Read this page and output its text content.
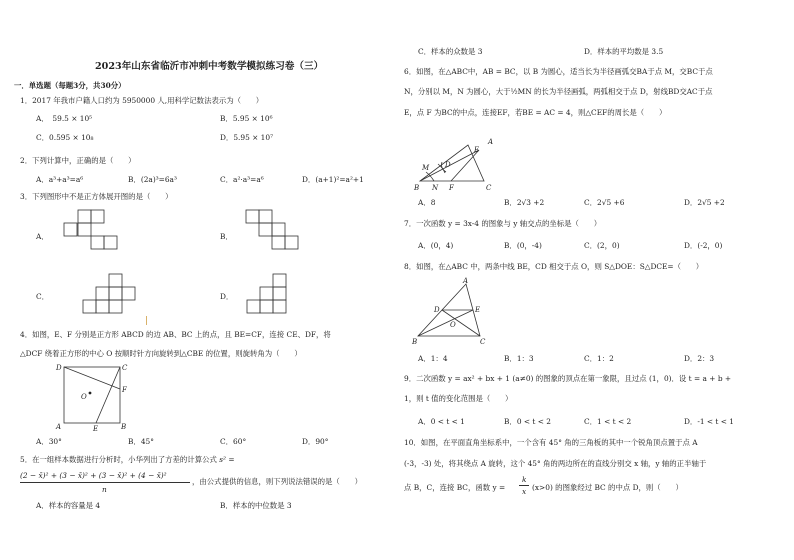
2023年山东省临沂市冲刺中考数学模拟练习卷（三）
一．单选题（每题3分，共30分）
1．2017 年我市户籍人口约为 5950000 人,用科学记数法表示为（　　）
A．　59.5 × 10⁵	B．5.95 × 10⁶
C．0.595 × 10₈	D．5.95 × 10⁷
2．下列计算中，正确的是（　　）
A．a³+a³=a⁶	B．(2a)³=6a³	C．a²·a³=a⁶	D．(a+1)²=a²+1
3．下列图形中不是正方体展开图的是（　　）
A．	B．
C．	D．
4．如图，E、F 分别是正方形 ABCD 的边 AB、BC 上的点，且 BE=CF，连接 CE、DF，将
△DCF 绕着正方形的中心 O 按顺时针方向旋转到△CBE 的位置，则旋转角为（　　）
D	C
F
O
A	E	B
A．30°	B．45°	C．60°	D．90°
5．在一组样本数据进行分析时，小华列出了方差的计算公式 s² =
(2 − x̄)² + (3 − x̄)² + (3 − x̄)² + (4 − x̄)²
n
，由公式提供的信息，则下列说法错误的是（　　）
A．样本的容量是 4	B．样本的中位数是 3
C．样本的众数是 3	D．样本的平均数是 3.5
6．如图，在△ABC中，AB = BC，以 B 为圆心，适当长为半径画弧交BA于点 M，交BC于点
N，分别以 M，N 为圆心，大于½MN 的长为半径画弧，两弧相交于点 D，射线BD交AC于点
E，点 F 为BC的中点，连接EF，若BE = AC = 4，则△CEF的周长是（　　）
M D
E
A
B N F	C
A．8	B．2√3 +2	C．2√5 +6	D．2√5 +2
7．一次函数 y = 3x-4 的图象与 y 轴交点的坐标是（　　）
A．(0，4)	B．(0，-4)	C．(2，0)	D．(-2，0)
8．如图，在△ABC 中，两条中线 BE，CD 相交于点 O，则 S△DOE：S△DCE=（　　）
A
D	E
O
B	C
A．1：4	B．1：3	C．1：2	D．2：3
9．二次函数 y = ax² + bx + 1 (a≠0) 的图象的顶点在第一象限，且过点 (1，0)．设 t = a + b +
1，则 t 值的变化范围是（　　）
A．0 < t < 1	B．0 < t < 2	C．1 < t < 2	D．-1 < t < 1
10．如图，在平面直角坐标系中，一个含有 45° 角的三角板的其中一个锐角顶点置于点 A
(-3，-3) 处，将其绕点 A 旋转，这个 45° 角的两边所在的直线分别交 x 轴，y 轴的正半轴于
点 B，C，连接 BC，函数 y =
k
x (x>0) 的图象经过 BC 的中点 D，则（　　）
